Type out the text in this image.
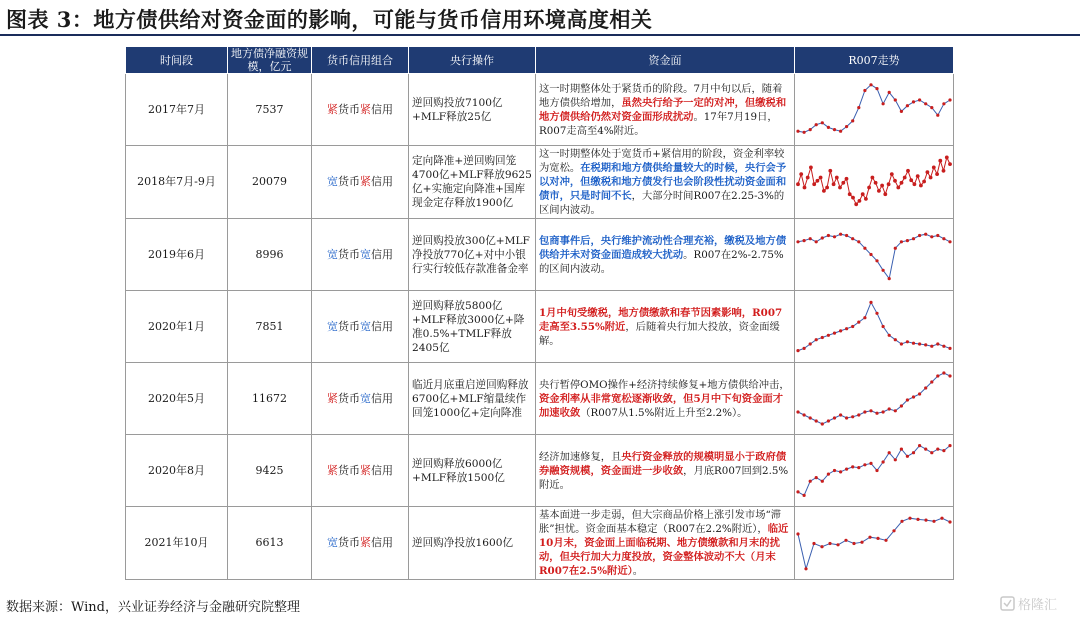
图表 3：地方债供给对资金面的影响，可能与货币信用环境高度相关
时间段	地方债净融资规模，亿元	货币信用组合	央行操作	资金面	R007走势
2017年7月	7537	紧货币紧信用	逆回购投放7100亿+MLF释放25亿	这一时期整体处于紧货币的阶段。7月中旬以后，随着地方债供给增加，虽然央行给予一定的对冲，但缴税和地方债供给仍然对资金面形成扰动。17年7月19日，R007走高至4%附近。	

2018年7月-9月	20079	宽货币紧信用	定向降准+逆回购回笼4700亿+MLF释放9625亿+实施定向降准+国库现金定存释放1900亿	这一时期整体处于宽货币+紧信用的阶段，资金利率较为宽松。在税期和地方债供给量较大的时候，央行会予以对冲，但缴税和地方债发行也会阶段性扰动资金面和债市，只是时间不长，大部分时间R007在2.25-3%的区间内波动。	

2019年6月	8996	宽货币宽信用	逆回购投放300亿+MLF净投放770亿+对中小银行实行较低存款准备金率	包商事件后，央行维护流动性合理充裕，缴税及地方债供给并未对资金面造成较大扰动。R007在2%-2.75%的区间内波动。	

2020年1月	7851	宽货币宽信用	逆回购释放5800亿+MLF释放3000亿+降准0.5%+TMLF释放2405亿	1月中旬受缴税，地方债缴款和春节因素影响，R007走高至3.55%附近，后随着央行加大投放，资金面缓解。	

2020年5月	11672	紧货币宽信用	临近月底重启逆回购释放6700亿+MLF缩量续作回笼1000亿+定向降准	央行暂停OMO操作+经济持续修复+地方债供给冲击，资金利率从非常宽松逐渐收敛，但5月中下旬资金面才加速收敛（R007从1.5%附近上升至2.2%）。	

2020年8月	9425	紧货币紧信用	逆回购释放6000亿+MLF释放1500亿	经济加速修复，且央行资金释放的规模明显小于政府债券融资规模，资金面进一步收敛，月底R007回到2.5%附近。	

2021年10月	6613	宽货币紧信用	逆回购净投放1600亿	基本面进一步走弱，但大宗商品价格上涨引发市场“滞胀”担忧。资金面基本稳定（R007在2.2%附近），临近10月末，资金面上面临税期、地方债缴款和月末的扰动，但央行加大力度投放，资金整体波动不大（月末R007在2.5%附近）。	
数据来源：Wind，兴业证券经济与金融研究院整理	格隆汇
